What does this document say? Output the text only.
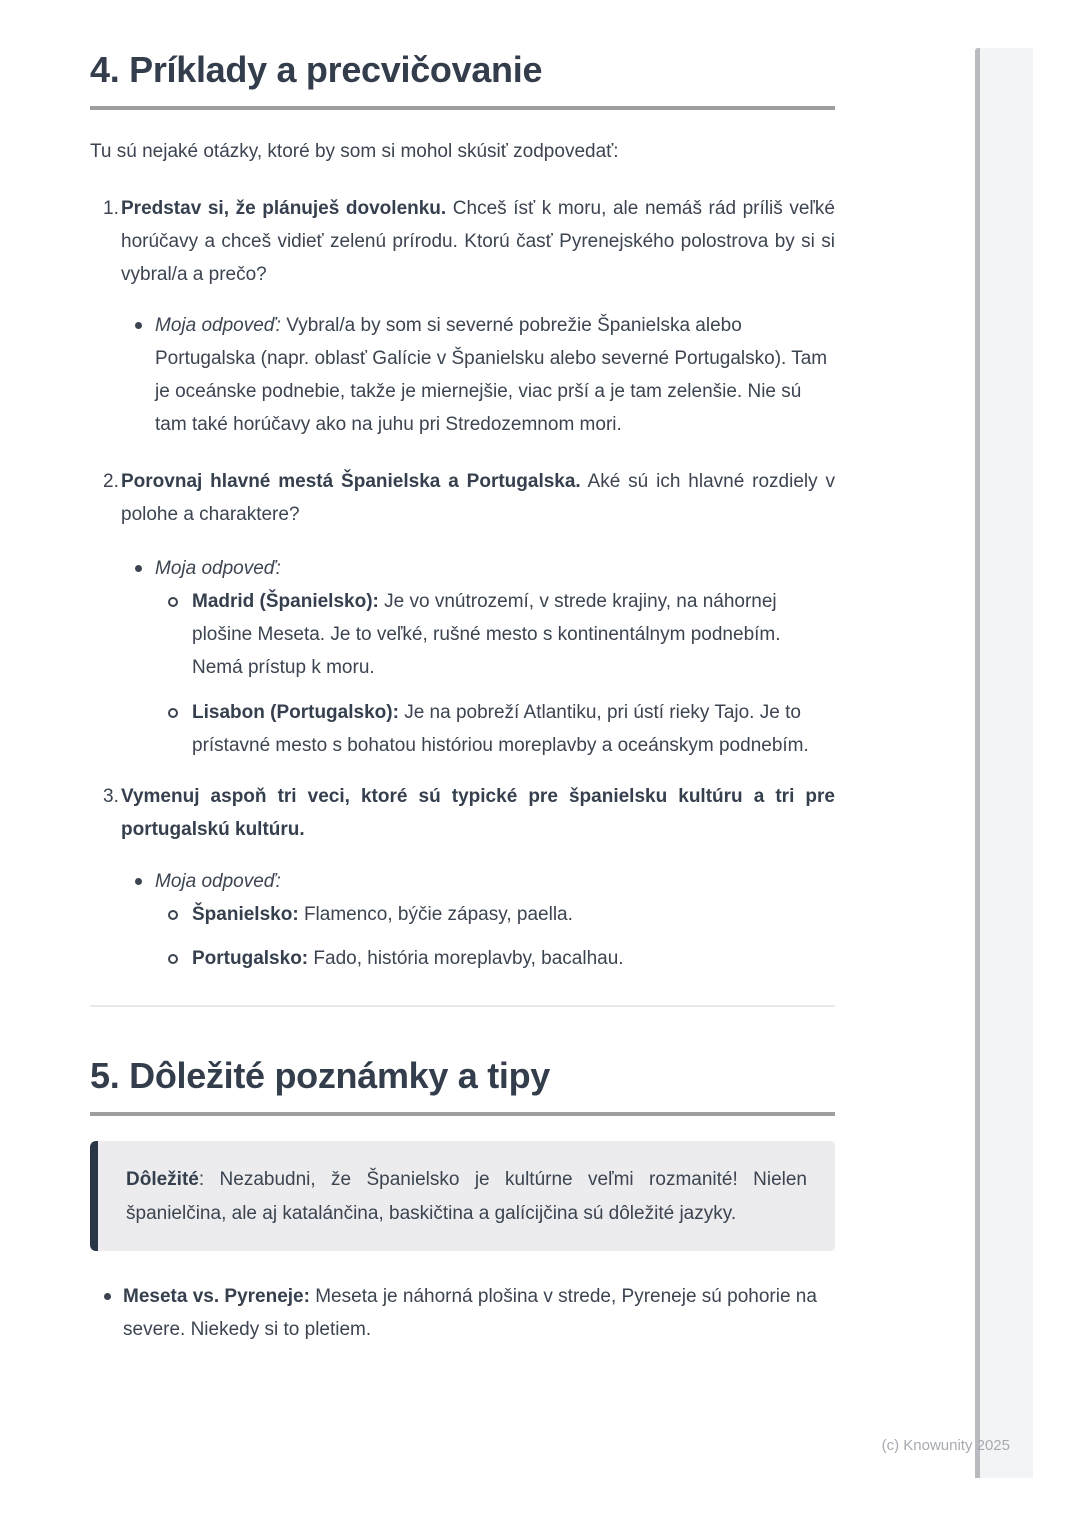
4. Príklady a precvičovanie

Tu sú nejaké otázky, ktoré by som si mohol skúsiť zodpovedať:

1. Predstav si, že plánuješ dovolenku. Chceš ísť k moru, ale nemáš rád príliš veľké horúčavy a chceš vidieť zelenú prírodu. Ktorú časť Pyrenejského polostrova by si si vybral/a a prečo?

Moja odpoveď: Vybral/a by som si severné pobrežie Španielska alebo Portugalska (napr. oblasť Galície v Španielsku alebo severné Portugalsko). Tam je oceánske podnebie, takže je miernejšie, viac prší a je tam zelenšie. Nie sú tam také horúčavy ako na juhu pri Stredozemnom mori.

2. Porovnaj hlavné mestá Španielska a Portugalska. Aké sú ich hlavné rozdiely v polohe a charaktere?

Moja odpoveď:

Madrid (Španielsko): Je vo vnútrozemí, v strede krajiny, na náhornej plošine Meseta. Je to veľké, rušné mesto s kontinentálnym podnebím. Nemá prístup k moru.

Lisabon (Portugalsko): Je na pobreží Atlantiku, pri ústí rieky Tajo. Je to prístavné mesto s bohatou históriou moreplavby a oceánskym podnebím.

3. Vymenuj aspoň tri veci, ktoré sú typické pre španielsku kultúru a tri pre portugalskú kultúru.

Moja odpoveď:

Španielsko: Flamenco, býčie zápasy, paella.

Portugalsko: Fado, história moreplavby, bacalhau.

5. Dôležité poznámky a tipy

Dôležité: Nezabudni, že Španielsko je kultúrne veľmi rozmanité! Nielen španielčina, ale aj katalánčina, baskičtina a galícijčina sú dôležité jazyky.

Meseta vs. Pyreneje: Meseta je náhorná plošina v strede, Pyreneje sú pohorie na severe. Niekedy si to pletiem.

(c) Knowunity 2025
